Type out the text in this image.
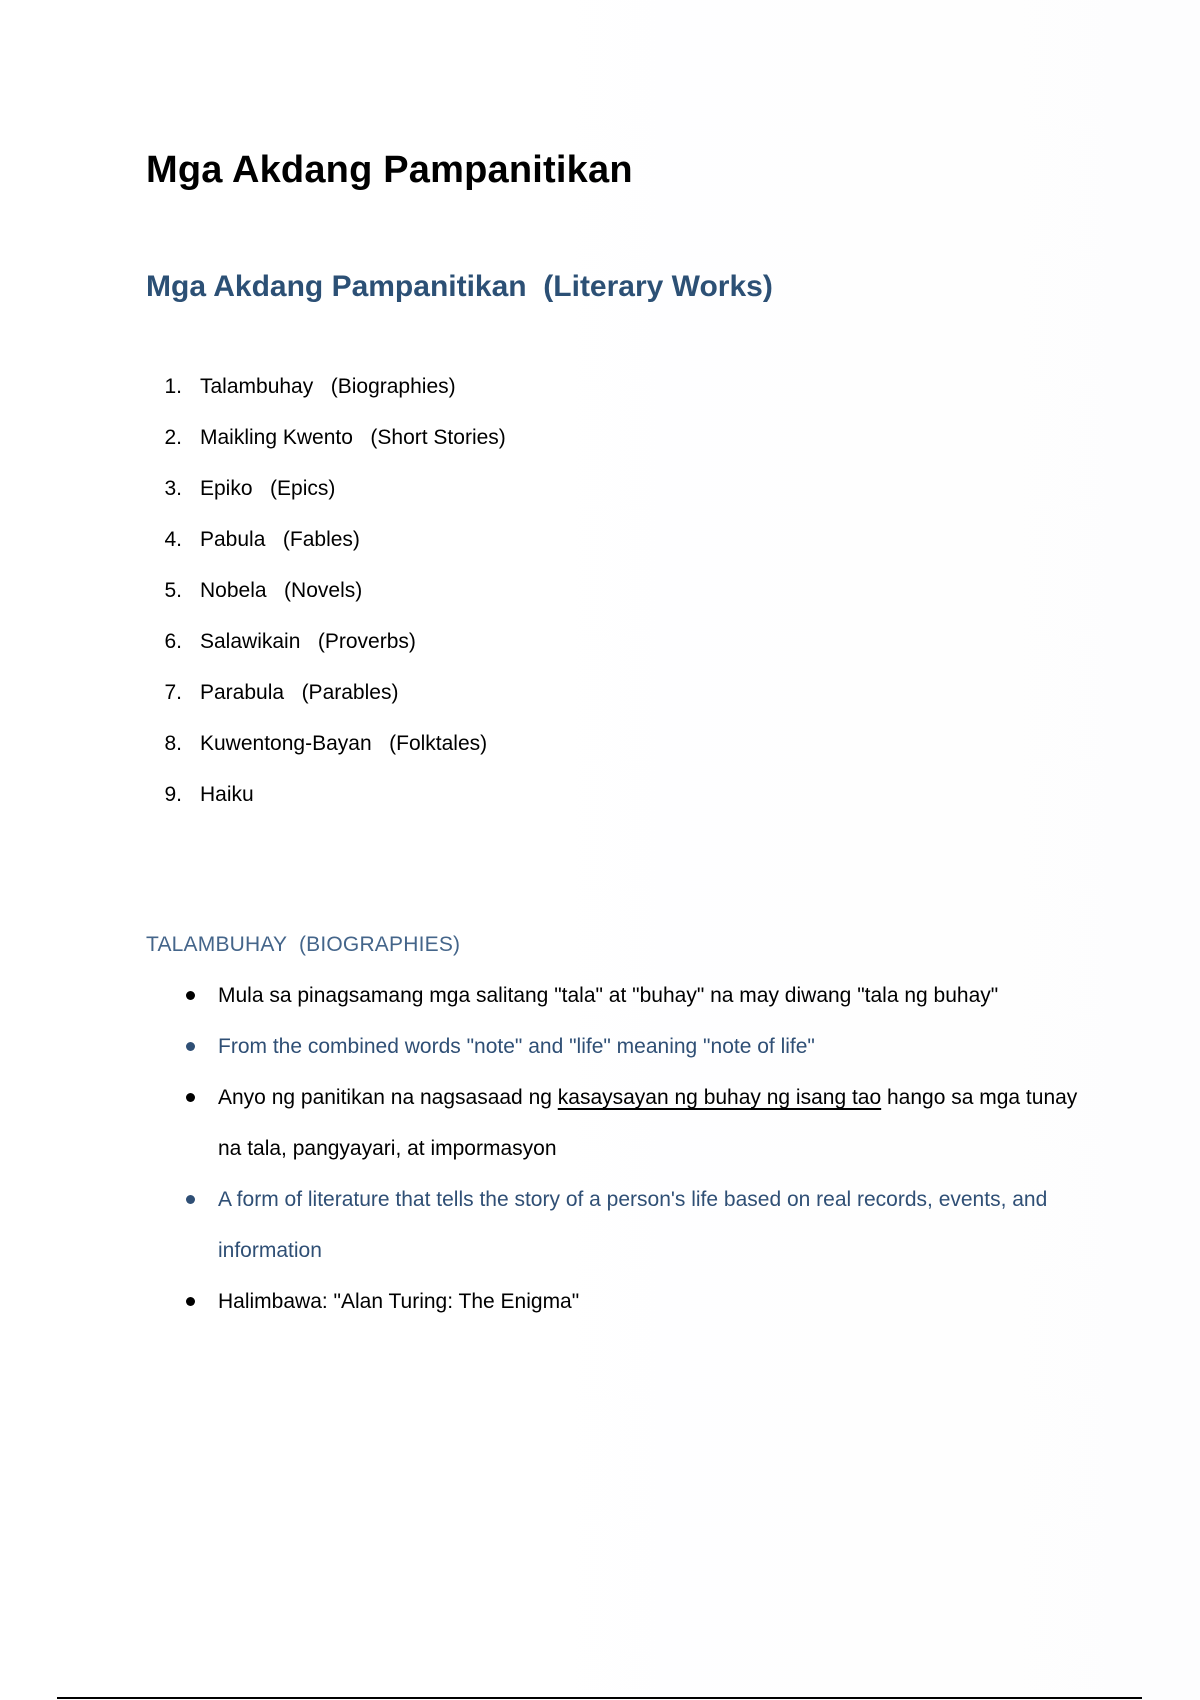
Mga Akdang Pampanitikan
Mga Akdang Pampanitikan  (Literary Works)
1. Talambuhay   (Biographies)
2. Maikling Kwento   (Short Stories)
3. Epiko   (Epics)
4. Pabula   (Fables)
5. Nobela   (Novels)
6. Salawikain   (Proverbs)
7. Parabula   (Parables)
8. Kuwentong-Bayan   (Folktales)
9. Haiku
TALAMBUHAY  (BIOGRAPHIES)
Mula sa pinagsamang mga salitang "tala" at "buhay" na may diwang "tala ng buhay"
From the combined words "note" and "life" meaning "note of life"
Anyo ng panitikan na nagsasaad ng kasaysayan ng buhay ng isang tao hango sa mga tunay na tala, pangyayari, at impormasyon
A form of literature that tells the story of a person's life based on real records, events, and information
Halimbawa: "Alan Turing: The Enigma"
